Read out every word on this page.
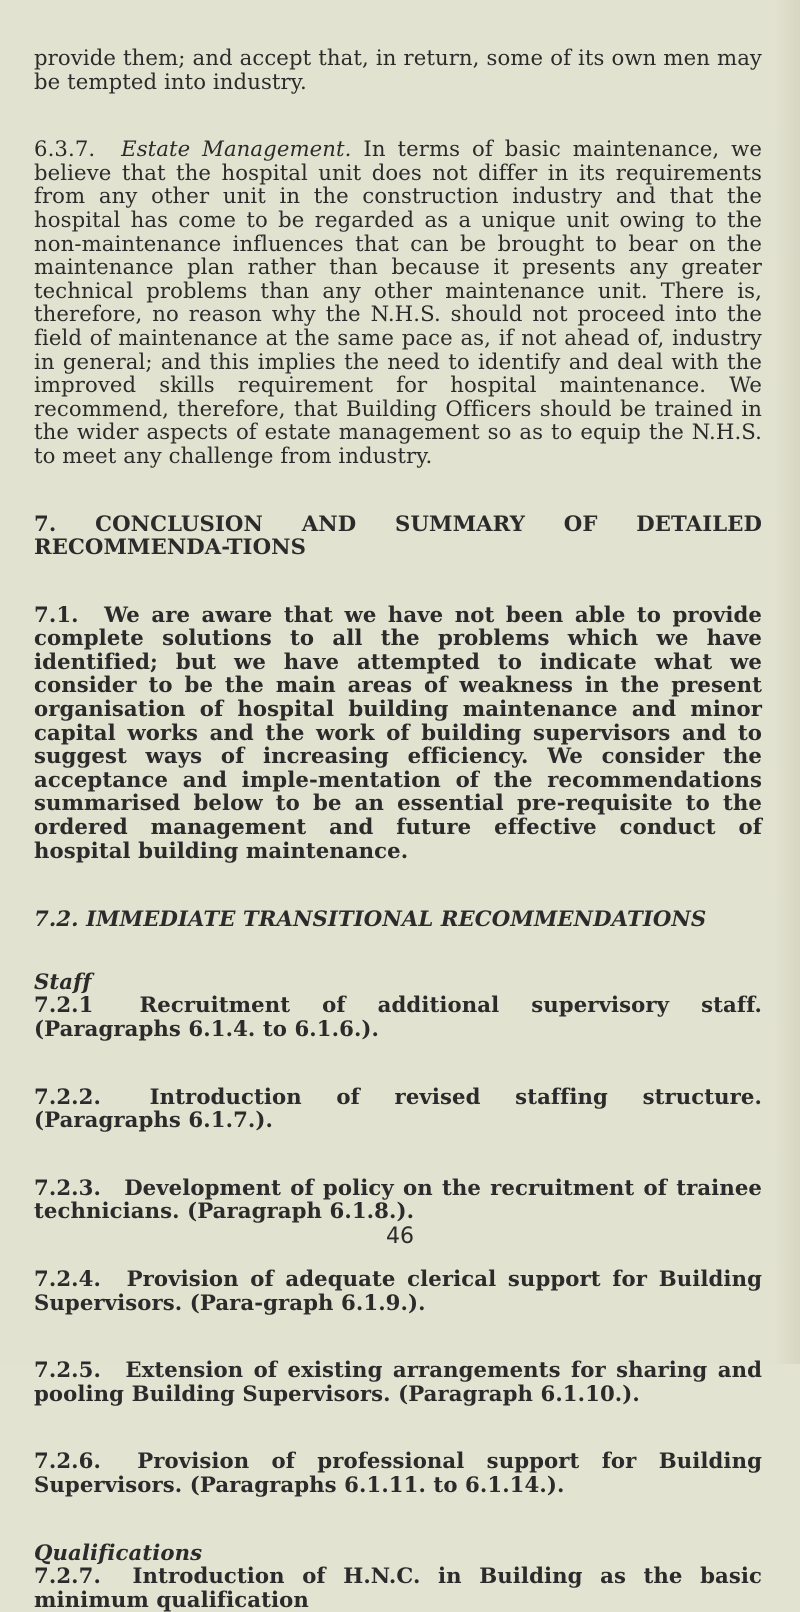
provide them; and accept that, in return, some of its own men may be tempted into industry.

6.3.7. Estate Management. In terms of basic maintenance, we believe that the hospital unit does not differ in its requirements from any other unit in the construction industry and that the hospital has come to be regarded as a unique unit owing to the non-maintenance influences that can be brought to bear on the maintenance plan rather than because it presents any greater technical problems than any other maintenance unit. There is, therefore, no reason why the N.H.S. should not proceed into the field of maintenance at the same pace as, if not ahead of, industry in general; and this implies the need to identify and deal with the improved skills requirement for hospital maintenance. We recommend, therefore, that Building Officers should be trained in the wider aspects of estate management so as to equip the N.H.S. to meet any challenge from industry.

7. CONCLUSION AND SUMMARY OF DETAILED RECOMMENDA-TIONS

7.1. We are aware that we have not been able to provide complete solutions to all the problems which we have identified; but we have attempted to indicate what we consider to be the main areas of weakness in the present organisation of hospital building maintenance and minor capital works and the work of building supervisors and to suggest ways of increasing efficiency. We consider the acceptance and imple-mentation of the recommendations summarised below to be an essential pre-requisite to the ordered management and future effective conduct of hospital building maintenance.

7.2. IMMEDIATE TRANSITIONAL RECOMMENDATIONS

Staff

7.2.1 Recruitment of additional supervisory staff. (Paragraphs 6.1.4. to 6.1.6.).

7.2.2. Introduction of revised staffing structure. (Paragraphs 6.1.7.).

7.2.3. Development of policy on the recruitment of trainee technicians. (Paragraph 6.1.8.).

7.2.4. Provision of adequate clerical support for Building Supervisors. (Para-graph 6.1.9.).

7.2.5. Extension of existing arrangements for sharing and pooling Building Supervisors. (Paragraph 6.1.10.).

7.2.6. Provision of professional support for Building Supervisors. (Paragraphs 6.1.11. to 6.1.14.).

Qualifications

7.2.7. Introduction of H.N.C. in Building as the basic minimum qualification

46
